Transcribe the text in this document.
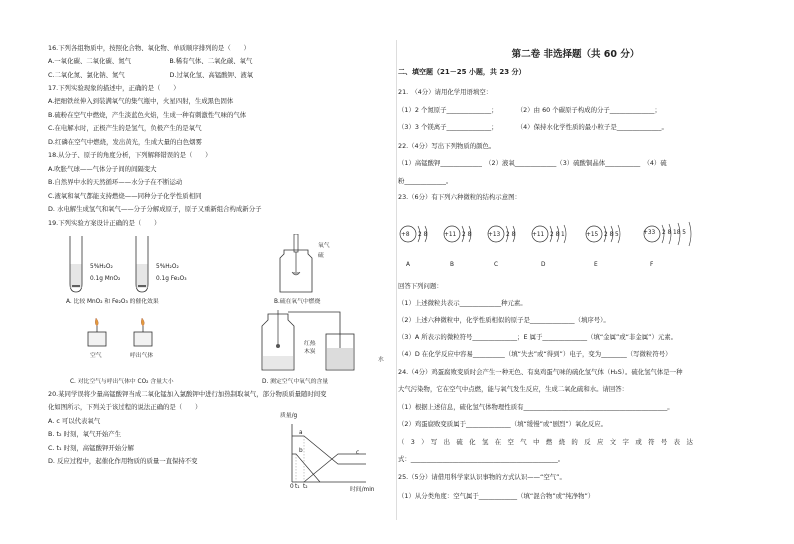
16.下列各组物质中，按照化合物、氧化物、单质顺序排列的是（　　）
A.一氧化碳、二氧化碳、氮气　　　　　　B.稀有气体、二氧化碳、氧气
C.二氧化氮、氯化钠、氮气　　　　　　　D.过氧化氢、高锰酸钾、液氧
17.下列实验现象的描述中，正确的是（　　）
A.把细铁丝伸入到装满氧气的集气瓶中，火星四射，生成黑色固体
B.硫粉在空气中燃烧，产生淡蓝色火焰，生成一种有刺激性气味的气体
C.在电解水时，正极产生的是氢气，负极产生的是氧气
D.红磷在空气中燃烧，发出黄光，生成大量的白色烟雾
18.从分子、原子的角度分析，下列解释错误的是（　　）
A.吹胀气球——气体分子间的间隔变大
B.自然界中水的天然循环——水分子在不断运动
C.液氧和氧气都能支持燃烧——同种分子化学性质相同
D. 水电解生成氢气和氧气——分子分解成原子，原子又重新组合构成新分子
19.下列实验方案设计正确的是（　　）
5%H₂O₂
0.1g MnO₂
5%H₂O₂
0.1g Fe₂O₃
A. 比较 MnO₂ 和 Fe₂O₃ 的催化效果
氧气
硫
B.硫在氧气中燃烧
空气	呼出气体
C. 对比空气与呼出气体中 CO₂ 含量大小
红热
木炭
水
D. 测定空气中氧气的含量
20.某同学误将少量高锰酸钾当成二氧化锰加入氯酸钾中进行加热制取氧气，部分物质质量随时间变
化如图所示，下列关于该过程的说法正确的是（　　）
A. c 可以代表氧气
B. t₂ 时刻，氧气开始产生
C. t₁ 时刻，高锰酸钾开始分解
D. 反应过程中，起催化作用物质的质量一直保持不变
质量/g
时间/min
a
b	c
0 t₁ t₂
第二卷 非选择题（共 60 分）
二、填空题（21－25 小题，共 23 分）
21.　（4分）请用化学用语填空：
（1）2 个氮原子______________；　　　　（2）由 60 个碳原子构成的分子______________；
（3）3 个镁离子______________；　　　　（4）保持水化学性质的最小粒子是______________。
22.（4分）写出下列物质的颜色。
（1）高锰酸钾_____________　（2）液氧_____________（3）硫酸铜晶体___________　（4）硫
粉_____________。
23.（6分）有下列六种微粒的结构示意图：
+8 2 8
A
+11 2 8
B
+13 2 8
C
+11 2 8 1
D
+15 2 8 5
E
+33 2 8 18 5
F
回答下列问题：
（1）上述微粒共表示_____________种元素。
（2）上述六种微粒中，化学性质相似的原子是______________（填序号）。
（3）A 所表示的微粒符号______________；E 属于______________（填“金属”或“非金属”）元素。
（4）D 在化学反应中容易__________（填“失去”或“得到”）电子，变为________（写微粒符号）
24.（4分）鸡蛋腐败变质时会产生一种无色、有臭鸡蛋气味的硫化氢气体（H₂S）。硫化氢气体是一种
大气污染物，它在空气中点燃，能与氧气发生反应，生成二氧化硫和水。请回答：
（1）根据上述信息，硫化氢气体物理性质有_____________________________________________。
（2）鸡蛋腐败变质属于______________（填“缓慢”或“剧烈”）氧化反应。
（　3　）　写　出　硫　化　氢　在　空　气　中　燃　烧　的　反　应　文　字　或　符　号　表　达
式：______________________________________________。
25.（5分）请借用科学家认识事物的方式认识——“空气”。
（1）从分类角度：空气属于____________（填“混合物”或“纯净物”）
